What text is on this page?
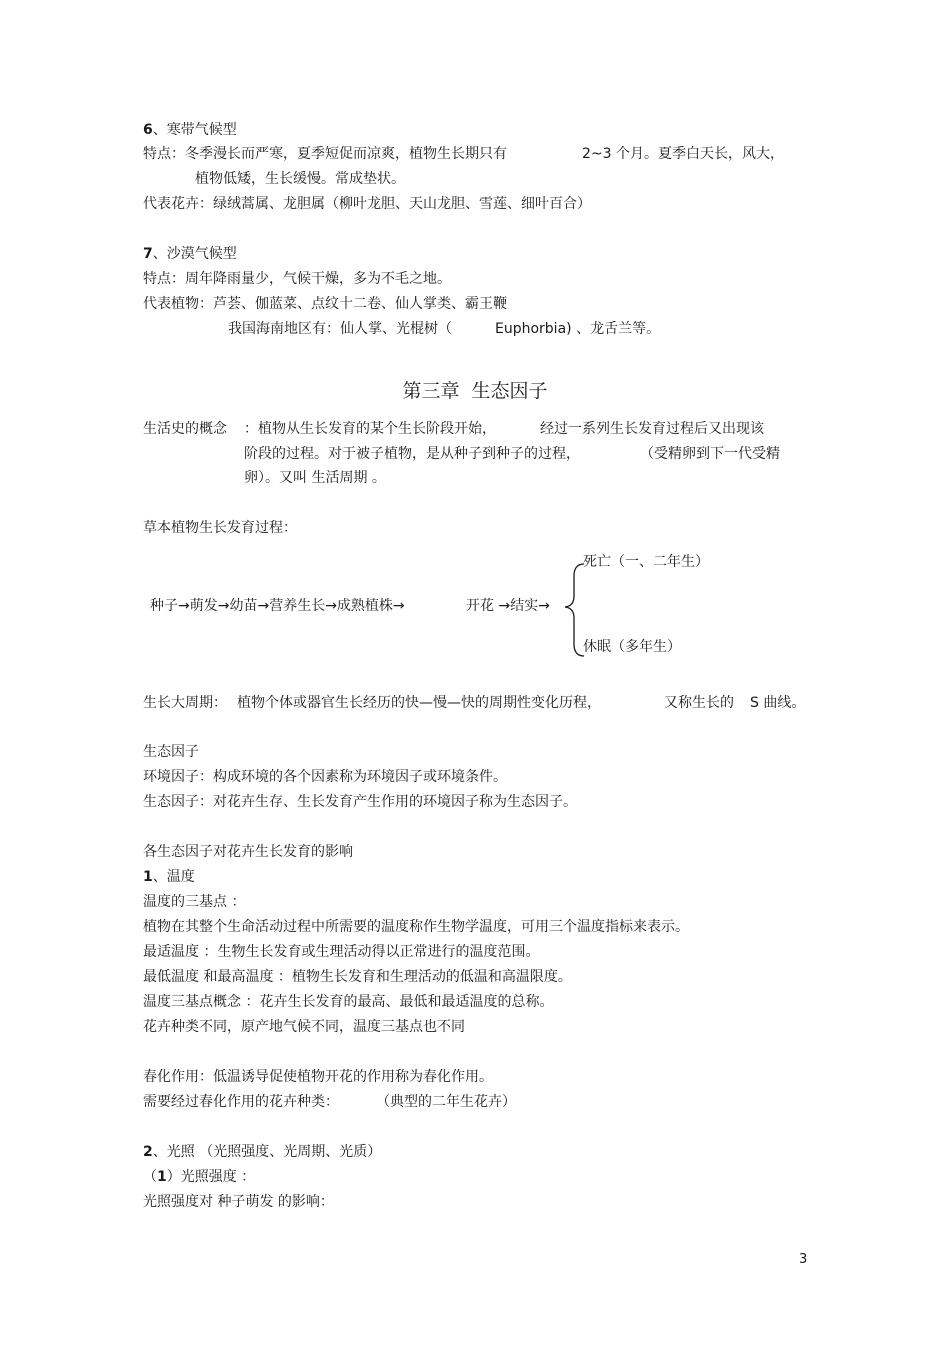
6、寒带气候型
特点：冬季漫长而严寒，夏季短促而凉爽，植物生长期只有	2~3 个月。夏季白天长，风大，
植物低矮，生长缓慢。常成垫状。
代表花卉：绿绒蒿属、龙胆属（柳叶龙胆、天山龙胆、雪莲、细叶百合）
7、沙漠气候型
特点：周年降雨量少，气候干燥，多为不毛之地。
代表植物：芦荟、伽蓝菜、点纹十二卷、仙人掌类、霸王鞭
我国海南地区有：仙人掌、光棍树（	Euphorbia) 、龙舌兰等。
第三章 生态因子
生活史的概念 ： 植物从生长发育的某个生长阶段开始，	经过一系列生长发育过程后又出现该
阶段的过程。对于被子植物，是从种子到种子的过程，	（受精卵到下一代受精
卵）。又叫 生活周期 。
草本植物生长发育过程：
种子→萌发→幼苗→营养生长→成熟植株→	开花 →结实→
死亡（一、二年生）
休眠（多年生）
生长大周期： 植物个体或器官生长经历的快—慢—快的周期性变化历程，	又称生长的 S 曲线。
生态因子
环境因子：构成环境的各个因素称为环境因子或环境条件。
生态因子：对花卉生存、生长发育产生作用的环境因子称为生态因子。
各生态因子对花卉生长发育的影响
1、温度
温度的三基点 ：
植物在其整个生命活动过程中所需要的温度称作生物学温度，可用三个温度指标来表示。
最适温度 ：生物生长发育或生理活动得以正常进行的温度范围。
最低温度 和最高温度 ：植物生长发育和生理活动的低温和高温限度。
温度三基点概念 ：花卉生长发育的最高、最低和最适温度的总称。
花卉种类不同，原产地气候不同，温度三基点也不同
春化作用：低温诱导促使植物开花的作用称为春化作用。
需要经过春化作用的花卉种类：	（典型的二年生花卉）
2、光照 （光照强度、光周期、光质）
（1）光照强度 ：
光照强度对 种子萌发 的影响：
3
